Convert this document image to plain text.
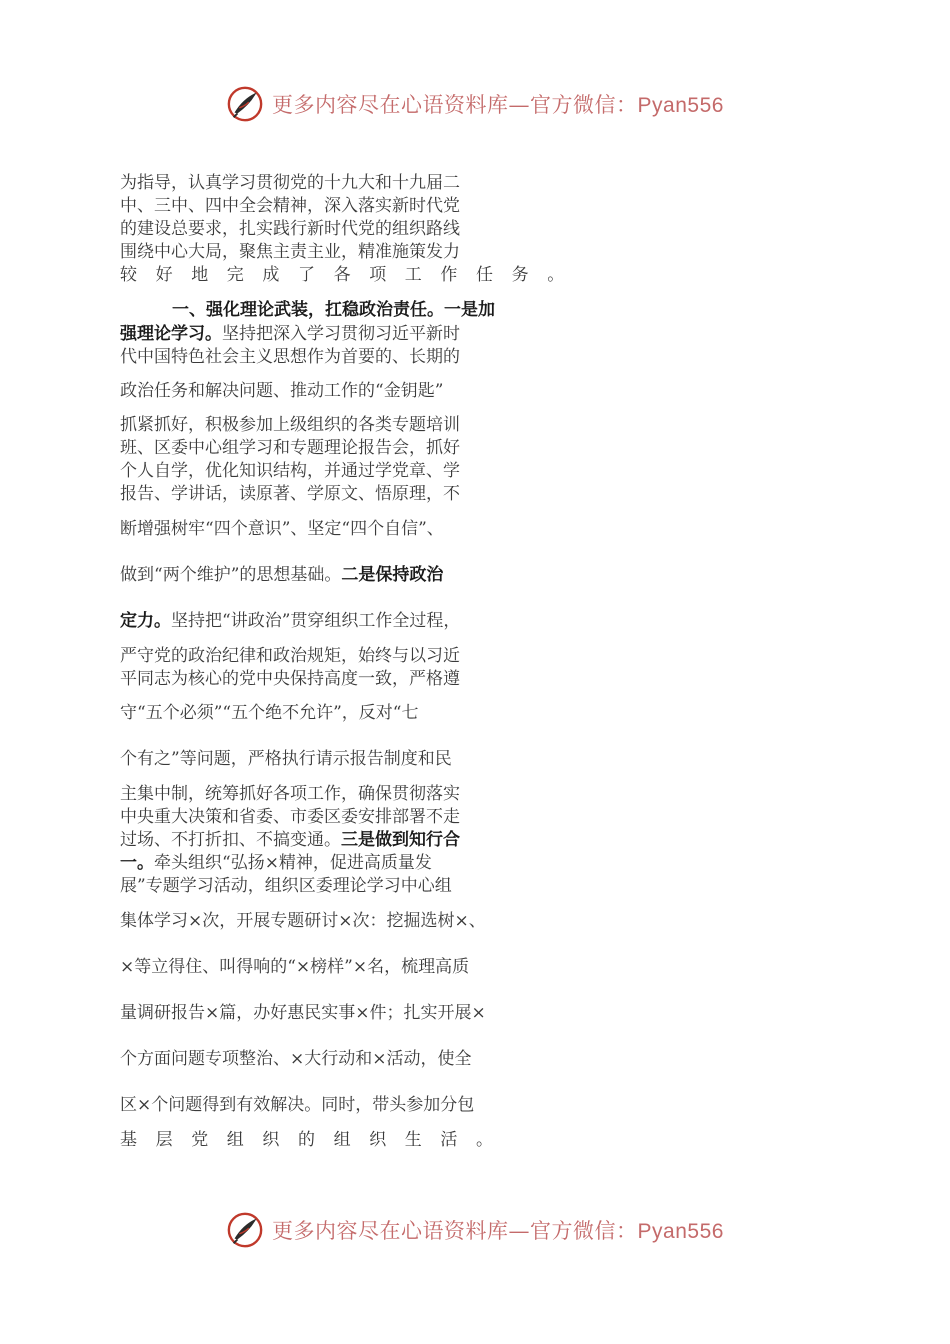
更多内容尽在心语资料库—官方微信：Pyan556
为指导，认真学习贯彻党的十九大和十九届二
中、三中、四中全会精神，深入落实新时代党
的建设总要求，扎实践行新时代党的组织路线
围绕中心大局，聚焦主责主业，精准施策发力
较好地完成了各项工作任务。
一、强化理论武装，扛稳政治责任。一是加
强理论学习。坚持把深入学习贯彻习近平新时
代中国特色社会主义思想作为首要的、长期的
政治任务和解决问题、推动工作的“金钥匙”
抓紧抓好，积极参加上级组织的各类专题培训
班、区委中心组学习和专题理论报告会，抓好
个人自学，优化知识结构，并通过学党章、学
报告、学讲话，读原著、学原文、悟原理，不
断增强树牢“四个意识”、坚定“四个自信”、
做到“两个维护”的思想基础。二是保持政治
定力。坚持把“讲政治”贯穿组织工作全过程，
严守党的政治纪律和政治规矩，始终与以习近
平同志为核心的党中央保持高度一致，严格遵
守“五个必须”“五个绝不允许”，反对“七
个有之”等问题，严格执行请示报告制度和民
主集中制，统筹抓好各项工作，确保贯彻落实
中央重大决策和省委、市委区委安排部署不走
过场、不打折扣、不搞变通。三是做到知行合
一。牵头组织“弘扬×精神，促进高质量发
展”专题学习活动，组织区委理论学习中心组
集体学习×次，开展专题研讨×次：挖掘选树×、
×等立得住、叫得响的“×榜样”×名，梳理高质
量调研报告×篇，办好惠民实事×件；扎实开展×
个方面问题专项整治、×大行动和×活动，使全
区×个问题得到有效解决。同时，带头参加分包
基层党组织的组织生活。
更多内容尽在心语资料库—官方微信：Pyan556
